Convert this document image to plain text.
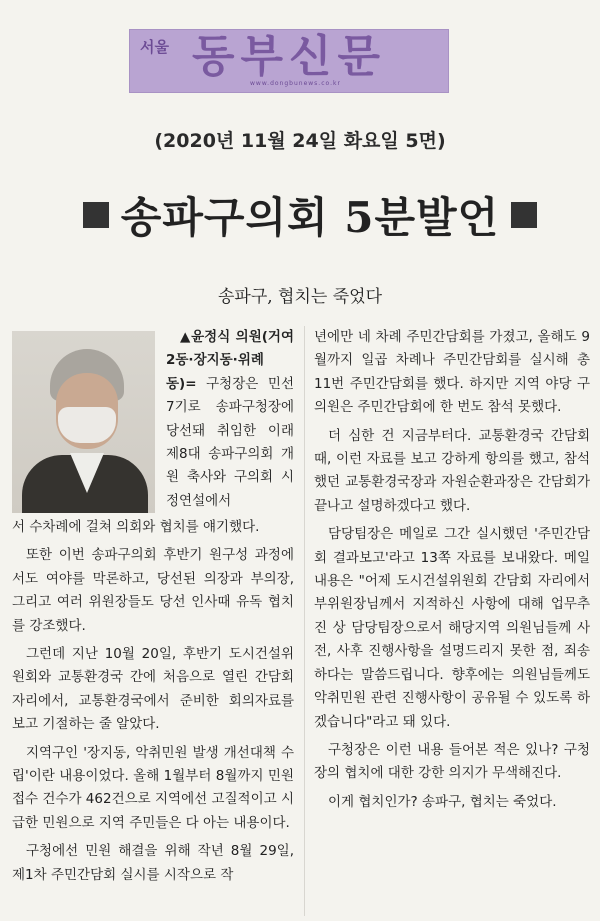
서울 동부신문
www.dongbunews.co.kr
(2020년 11월 24일 화요일 5면)
송파구의회 5분발언
송파구, 협치는 죽었다

▲윤정식 의원(거여2동·장지동·위례동)= 구청장은 민선 7기로 송파구청장에 당선돼 취임한 이래 제8대 송파구의회 개원 축사와 구의회 시정연설에서

서 수차례에 걸쳐 의회와 협치를 얘기했다.

또한 이번 송파구의회 후반기 원구성 과정에서도 여야를 막론하고, 당선된 의장과 부의장, 그리고 여러 위원장들도 당선 인사때 유독 협치를 강조했다.

그런데 지난 10월 20일, 후반기 도시건설위원회와 교통환경국 간에 처음으로 열린 간담회 자리에서, 교통환경국에서 준비한 회의자료를 보고 기절하는 줄 알았다.

지역구인 '장지동, 악취민원 발생 개선대책 수립'이란 내용이었다. 올해 1월부터 8월까지 민원접수 건수가 462건으로 지역에선 고질적이고 시급한 민원으로 지역 주민들은 다 아는 내용이다.

구청에선 민원 해결을 위해 작년 8월 29일, 제1차 주민간담회 실시를 시작으로 작

년에만 네 차례 주민간담회를 가졌고, 올해도 9월까지 일곱 차례나 주민간담회를 실시해 총 11번 주민간담회를 했다. 하지만 지역 야당 구의원은 주민간담회에 한 번도 참석 못했다.

더 심한 건 지금부터다. 교통환경국 간담회 때, 이런 자료를 보고 강하게 항의를 했고, 참석했던 교통환경국장과 자원순환과장은 간담회가 끝나고 설명하겠다고 했다.

담당팀장은 메일로 그간 실시했던 '주민간담회 결과보고'라고 13쪽 자료를 보내왔다. 메일 내용은 "어제 도시건설위원회 간담회 자리에서 부위원장님께서 지적하신 사항에 대해 업무추진 상 담당팀장으로서 해당지역 의원님들께 사전, 사후 진행사항을 설명드리지 못한 점, 죄송하다는 말씀드립니다. 향후에는 의원님들께도 악취민원 관련 진행사항이 공유될 수 있도록 하겠습니다"라고 돼 있다.

구청장은 이런 내용 들어본 적은 있나? 구청장의 협치에 대한 강한 의지가 무색해진다.

이게 협치인가? 송파구, 협치는 죽었다.
